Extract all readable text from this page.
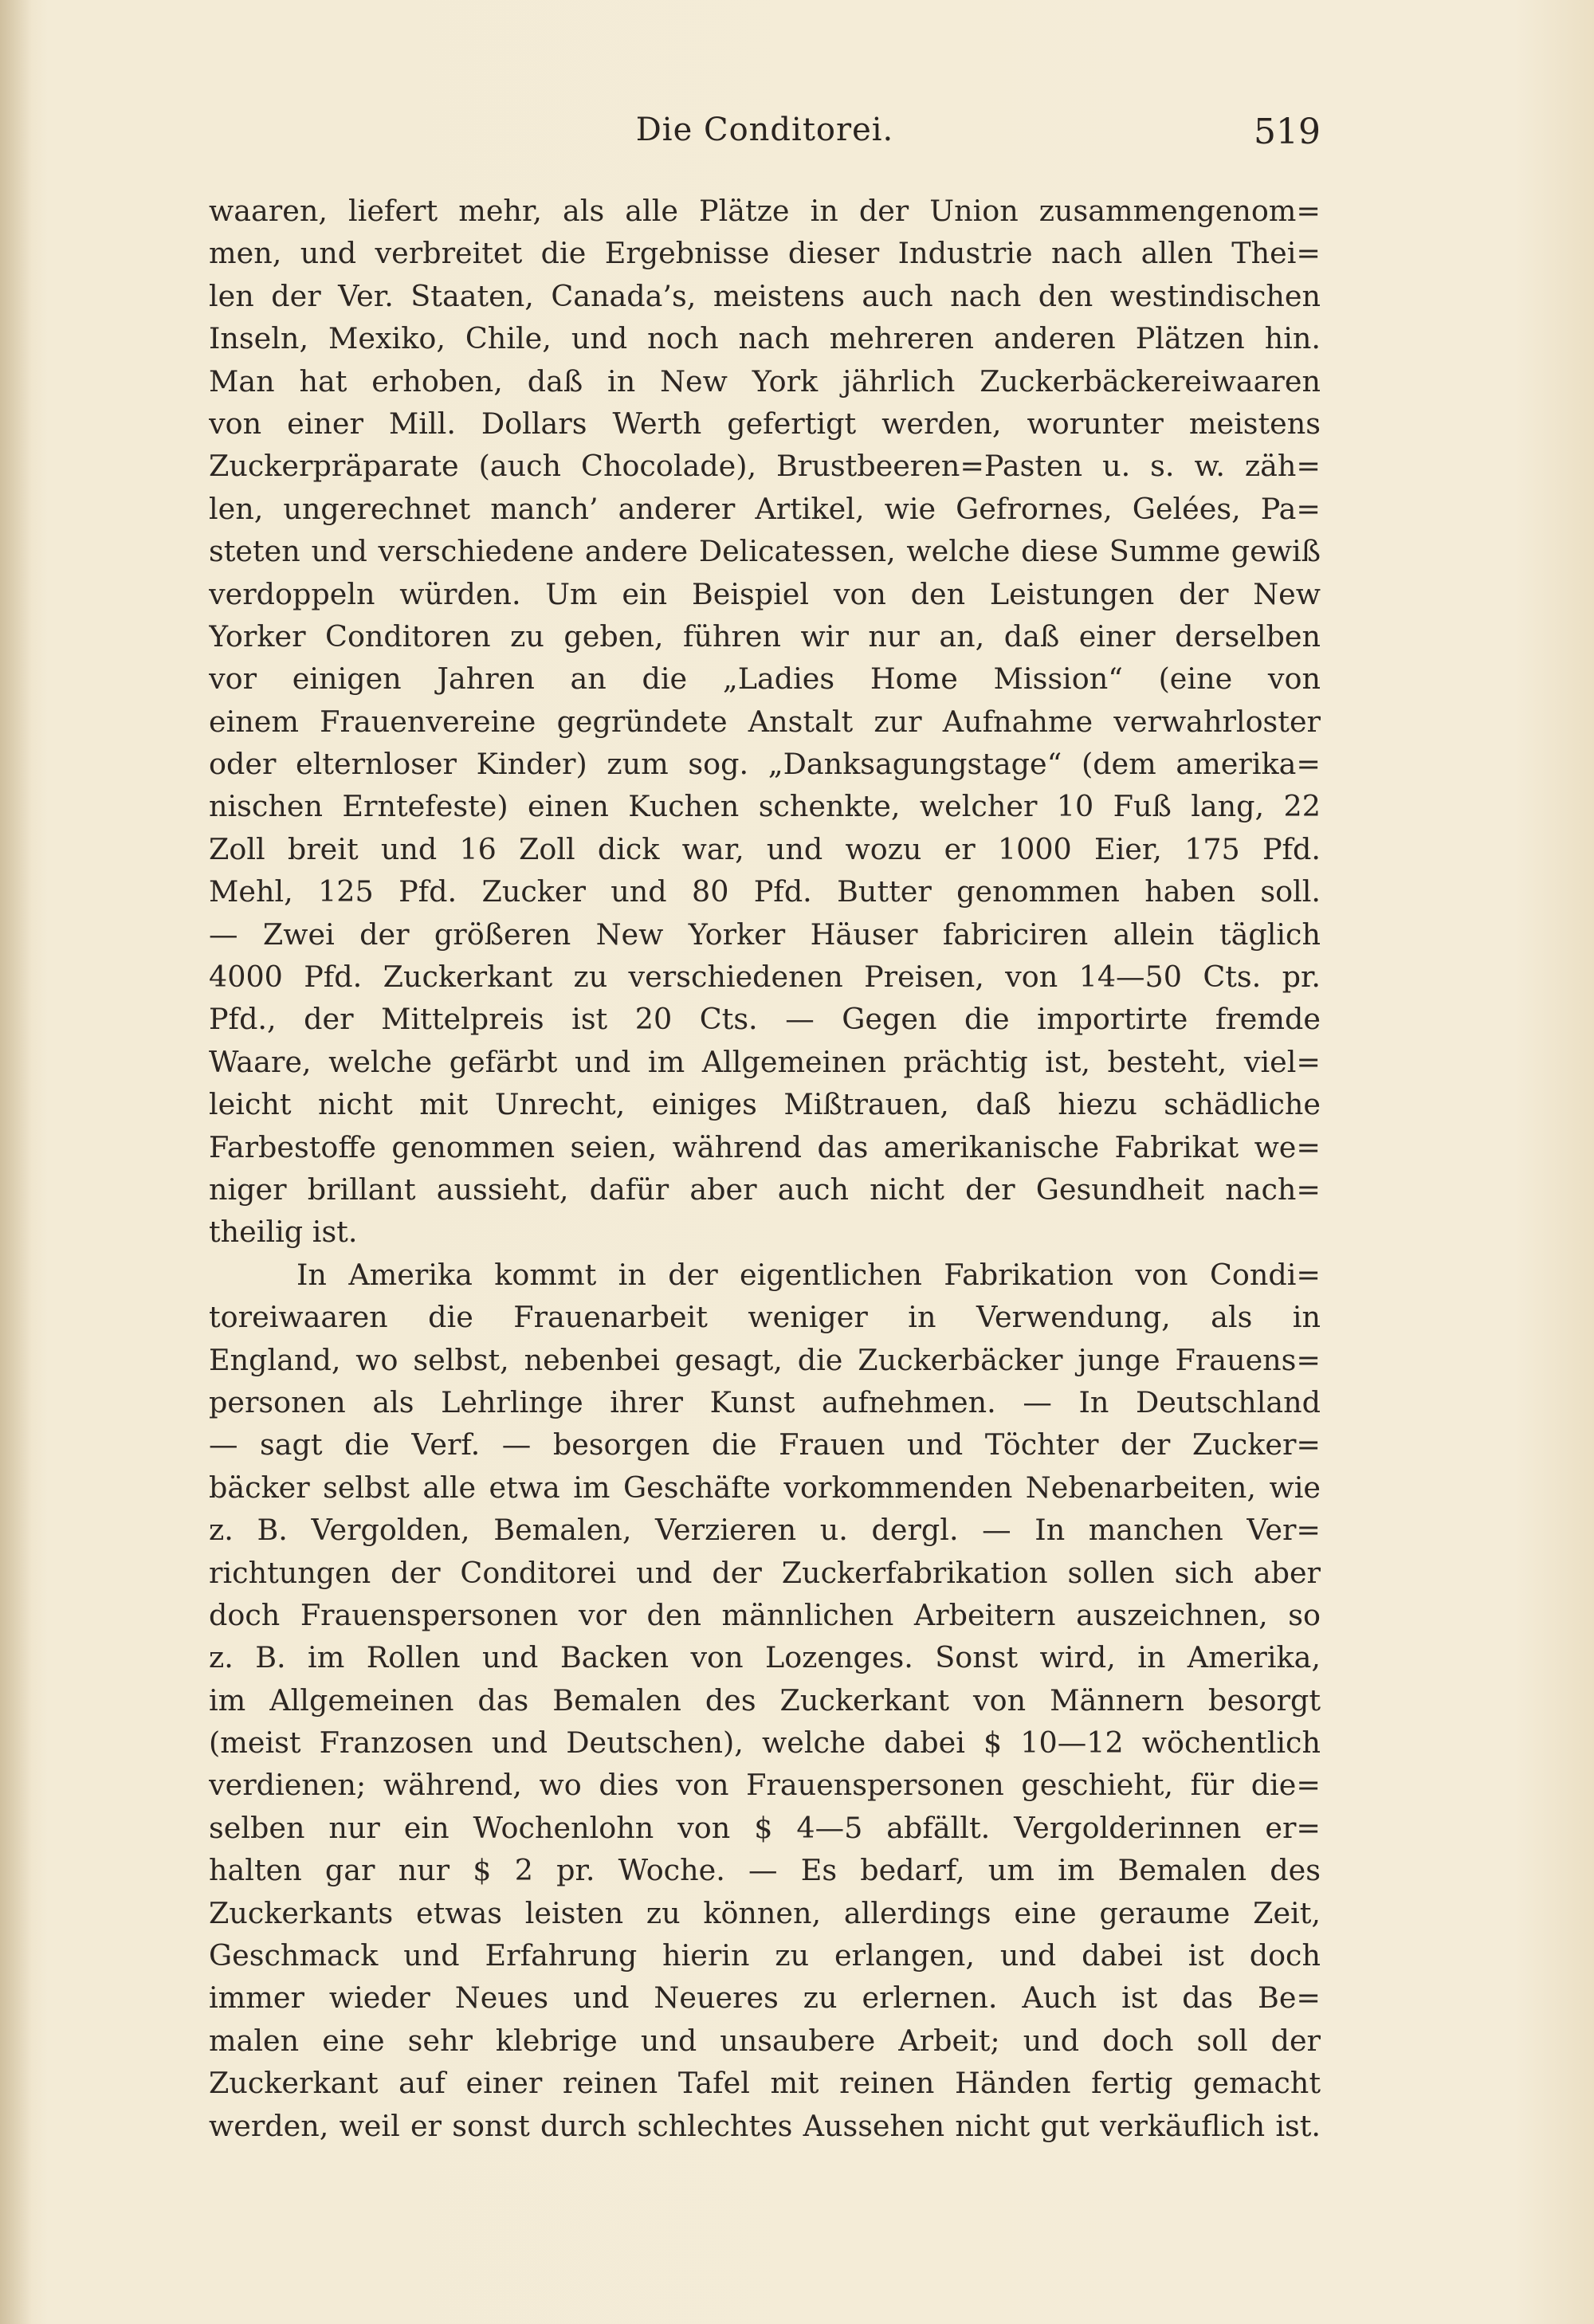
Die Conditorei.	519
waaren, liefert mehr, als alle Plätze in der Union zusammengenom=
men, und verbreitet die Ergebnisse dieser Industrie nach allen Thei=
len der Ver. Staaten, Canada’s, meistens auch nach den westindischen
Inseln, Mexiko, Chile, und noch nach mehreren anderen Plätzen hin.
Man hat erhoben, daß in New York jährlich Zuckerbäckereiwaaren
von einer Mill. Dollars Werth gefertigt werden, worunter meistens
Zuckerpräparate (auch Chocolade), Brustbeeren=Pasten u. s. w. zäh=
len, ungerechnet manch’ anderer Artikel, wie Gefrornes, Gelées, Pa=
steten und verschiedene andere Delicatessen, welche diese Summe gewiß
verdoppeln würden. Um ein Beispiel von den Leistungen der New
Yorker Conditoren zu geben, führen wir nur an, daß einer derselben
vor einigen Jahren an die „Ladies Home Mission“ (eine von
einem Frauenvereine gegründete Anstalt zur Aufnahme verwahrloster
oder elternloser Kinder) zum sog. „Danksagungstage“ (dem amerika=
nischen Erntefeste) einen Kuchen schenkte, welcher 10 Fuß lang, 22
Zoll breit und 16 Zoll dick war, und wozu er 1000 Eier, 175 Pfd.
Mehl, 125 Pfd. Zucker und 80 Pfd. Butter genommen haben soll.
— Zwei der größeren New Yorker Häuser fabriciren allein täglich
4000 Pfd. Zuckerkant zu verschiedenen Preisen, von 14—50 Cts. pr.
Pfd., der Mittelpreis ist 20 Cts. — Gegen die importirte fremde
Waare, welche gefärbt und im Allgemeinen prächtig ist, besteht, viel=
leicht nicht mit Unrecht, einiges Mißtrauen, daß hiezu schädliche
Farbestoffe genommen seien, während das amerikanische Fabrikat we=
niger brillant aussieht, dafür aber auch nicht der Gesundheit nach=
theilig ist.
In Amerika kommt in der eigentlichen Fabrikation von Condi=
toreiwaaren die Frauenarbeit weniger in Verwendung, als in
England, wo selbst, nebenbei gesagt, die Zuckerbäcker junge Frauens=
personen als Lehrlinge ihrer Kunst aufnehmen. — In Deutschland
— sagt die Verf. — besorgen die Frauen und Töchter der Zucker=
bäcker selbst alle etwa im Geschäfte vorkommenden Nebenarbeiten, wie
z. B. Vergolden, Bemalen, Verzieren u. dergl. — In manchen Ver=
richtungen der Conditorei und der Zuckerfabrikation sollen sich aber
doch Frauenspersonen vor den männlichen Arbeitern auszeichnen, so
z. B. im Rollen und Backen von Lozenges. Sonst wird, in Amerika,
im Allgemeinen das Bemalen des Zuckerkant von Männern besorgt
(meist Franzosen und Deutschen), welche dabei $ 10—12 wöchentlich
verdienen; während, wo dies von Frauenspersonen geschieht, für die=
selben nur ein Wochenlohn von $ 4—5 abfällt. Vergolderinnen er=
halten gar nur $ 2 pr. Woche. — Es bedarf, um im Bemalen des
Zuckerkants etwas leisten zu können, allerdings eine geraume Zeit,
Geschmack und Erfahrung hierin zu erlangen, und dabei ist doch
immer wieder Neues und Neueres zu erlernen. Auch ist das Be=
malen eine sehr klebrige und unsaubere Arbeit; und doch soll der
Zuckerkant auf einer reinen Tafel mit reinen Händen fertig gemacht
werden, weil er sonst durch schlechtes Aussehen nicht gut verkäuflich ist.
